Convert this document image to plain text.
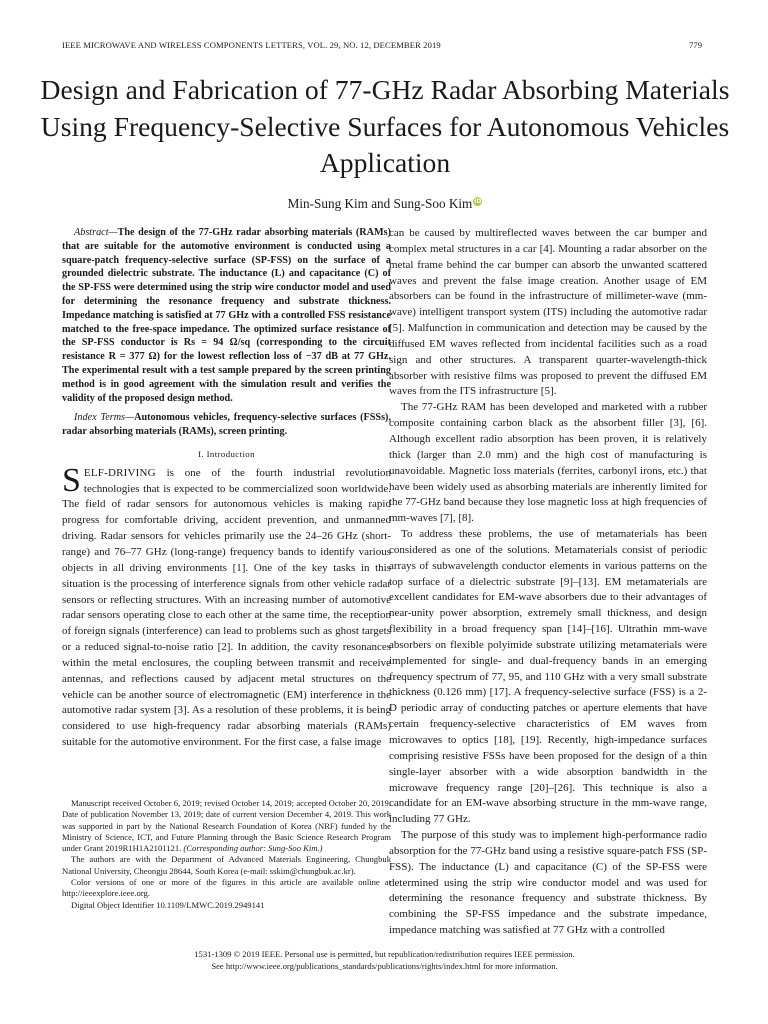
IEEE MICROWAVE AND WIRELESS COMPONENTS LETTERS, VOL. 29, NO. 12, DECEMBER 2019	779
Design and Fabrication of 77-GHz Radar Absorbing Materials Using Frequency-Selective Surfaces for Autonomous Vehicles Application
Min-Sung Kim and Sung-Soo Kim iD

Abstract—The design of the 77-GHz radar absorbing materials (RAMs) that are suitable for the automotive environment is conducted using a square-patch frequency-selective surface (SP-FSS) on the surface of a grounded dielectric substrate. The inductance (L) and capacitance (C) of the SP-FSS were determined using the strip wire conductor model and used for determining the resonance frequency and substrate thickness. Impedance matching is satisfied at 77 GHz with a controlled FSS resistance matched to the free-space impedance. The optimized surface resistance of the SP-FSS conductor is Rs = 94 Ω/sq (corresponding to the circuit resistance R = 377 Ω) for the lowest reflection loss of −37 dB at 77 GHz. The experimental result with a test sample prepared by the screen printing method is in good agreement with the simulation result and verifies the validity of the proposed design method.

Index Terms—Autonomous vehicles, frequency-selective surfaces (FSSs), radar absorbing materials (RAMs), screen printing.

I. Introduction

SELF-DRIVING is one of the fourth industrial revolution technologies that is expected to be commercialized soon worldwide. The field of radar sensors for autonomous vehicles is making rapid progress for comfortable driving, accident prevention, and unmanned driving. Radar sensors for vehicles primarily use the 24–26 GHz (short-range) and 76–77 GHz (long-range) frequency bands to identify various objects in all driving environments [1]. One of the key tasks in this situation is the processing of interference signals from other vehicle radar sensors or reflecting structures. With an increasing number of automotive radar sensors operating close to each other at the same time, the reception of foreign signals (interference) can lead to problems such as ghost targets or a reduced signal-to-noise ratio [2]. In addition, the cavity resonances within the metal enclosures, the coupling between transmit and receive antennas, and reflections caused by adjacent metal structures on the vehicle can be another source of electromagnetic (EM) interference in the automotive radar system [3]. As a resolution of these problems, it is being considered to use high-frequency radar absorbing materials (RAMs) suitable for the automotive environment. For the first case, a false image

Manuscript received October 6, 2019; revised October 14, 2019; accepted October 20, 2019. Date of publication November 13, 2019; date of current version December 4, 2019. This work was supported in part by the National Research Foundation of Korea (NRF) funded by the Ministry of Science, ICT, and Future Planning through the Basic Science Research Program under Grant 2019R1H1A2101121. (Corresponding author: Sung-Soo Kim.)

The authors are with the Department of Advanced Materials Engineering, Chungbuk National University, Cheongju 28644, South Korea (e-mail: sskim@chungbuk.ac.kr).

Color versions of one or more of the figures in this article are available online at http://ieeexplore.ieee.org.

Digital Object Identifier 10.1109/LMWC.2019.2949141

can be caused by multireflected waves between the car bumper and complex metal structures in a car [4]. Mounting a radar absorber on the metal frame behind the car bumper can absorb the unwanted scattered waves and prevent the false image creation. Another usage of EM absorbers can be found in the infrastructure of millimeter-wave (mm-wave) intelligent transport system (ITS) including the automotive radar [5]. Malfunction in communication and detection may be caused by the diffused EM waves reflected from incidental facilities such as a road sign and other structures. A transparent quarter-wavelength-thick absorber with resistive films was proposed to prevent the diffused EM waves from the ITS infrastructure [5].

The 77-GHz RAM has been developed and marketed with a rubber composite containing carbon black as the absorbent filler [3], [6]. Although excellent radio absorption has been proven, it is relatively thick (larger than 2.0 mm) and the high cost of manufacturing is unavoidable. Magnetic loss materials (ferrites, carbonyl irons, etc.) that have been widely used as absorbing materials are inherently limited for the 77-GHz band because they lose magnetic loss at high frequencies of mm-waves [7], [8].

To address these problems, the use of metamaterials has been considered as one of the solutions. Metamaterials consist of periodic arrays of subwavelength conductor elements in various patterns on the top surface of a dielectric substrate [9]–[13]. EM metamaterials are excellent candidates for EM-wave absorbers due to their advantages of near-unity power absorption, extremely small thickness, and design flexibility in a broad frequency span [14]–[16]. Ultrathin mm-wave absorbers on flexible polyimide substrate utilizing metamaterials were implemented for single- and dual-frequency bands in an emerging frequency spectrum of 77, 95, and 110 GHz with a very small substrate thickness (0.126 mm) [17]. A frequency-selective surface (FSS) is a 2-D periodic array of conducting patches or aperture elements that have certain frequency-selective characteristics of EM waves from microwaves to optics [18], [19]. Recently, high-impedance surfaces comprising resistive FSSs have been proposed for the design of a thin single-layer absorber with a wide absorption bandwidth in the microwave frequency range [20]–[26]. This technique is also a candidate for an EM-wave absorbing structure in the mm-wave range, including 77 GHz.

The purpose of this study was to implement high-performance radio absorption for the 77-GHz band using a resistive square-patch FSS (SP-FSS). The inductance (L) and capacitance (C) of the SP-FSS were determined using the strip wire conductor model and was used for determining the resonance frequency and substrate thickness. By combining the SP-FSS impedance and the substrate impedance, impedance matching was satisfied at 77 GHz with a controlled

1531-1309 © 2019 IEEE. Personal use is permitted, but republication/redistribution requires IEEE permission.

See http://www.ieee.org/publications_standards/publications/rights/index.html for more information.
